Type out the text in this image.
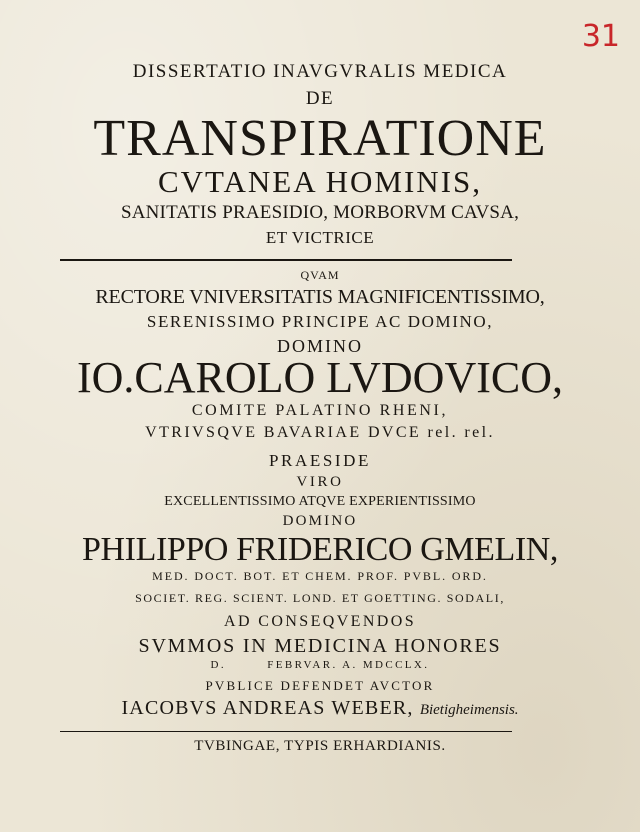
31
DISSERTATIO INAVGVRALIS MEDICA
DE
TRANSPIRATIONE
CVTANEA HOMINIS,
SANITATIS PRAESIDIO, MORBORVM CAVSA,
ET VICTRICE
QVAM
RECTORE VNIVERSITATIS MAGNIFICENTISSIMO,
SERENISSIMO PRINCIPE AC DOMINO,
DOMINO
IO.CAROLO LVDOVICO,
COMITE PALATINO RHENI,
VTRIVSQVE BAVARIAE DVCE rel. rel.
PRAESIDE
VIRO
EXCELLENTISSIMO ATQVE EXPERIENTISSIMO
DOMINO
PHILIPPO FRIDERICO GMELIN,
MED. DOCT. BOT. ET CHEM. PROF. PVBL. ORD.
SOCIET. REG. SCIENT. LOND. ET GOETTING. SODALI,
AD CONSEQVENDOS
SVMMOS IN MEDICINA HONORES
D.        FEBRVAR. A. MDCCLX.
PVBLICE DEFENDET AVCTOR
IACOBVS ANDREAS WEBER, Bietigheimensis.
TVBINGAE, TYPIS ERHARDIANIS.
